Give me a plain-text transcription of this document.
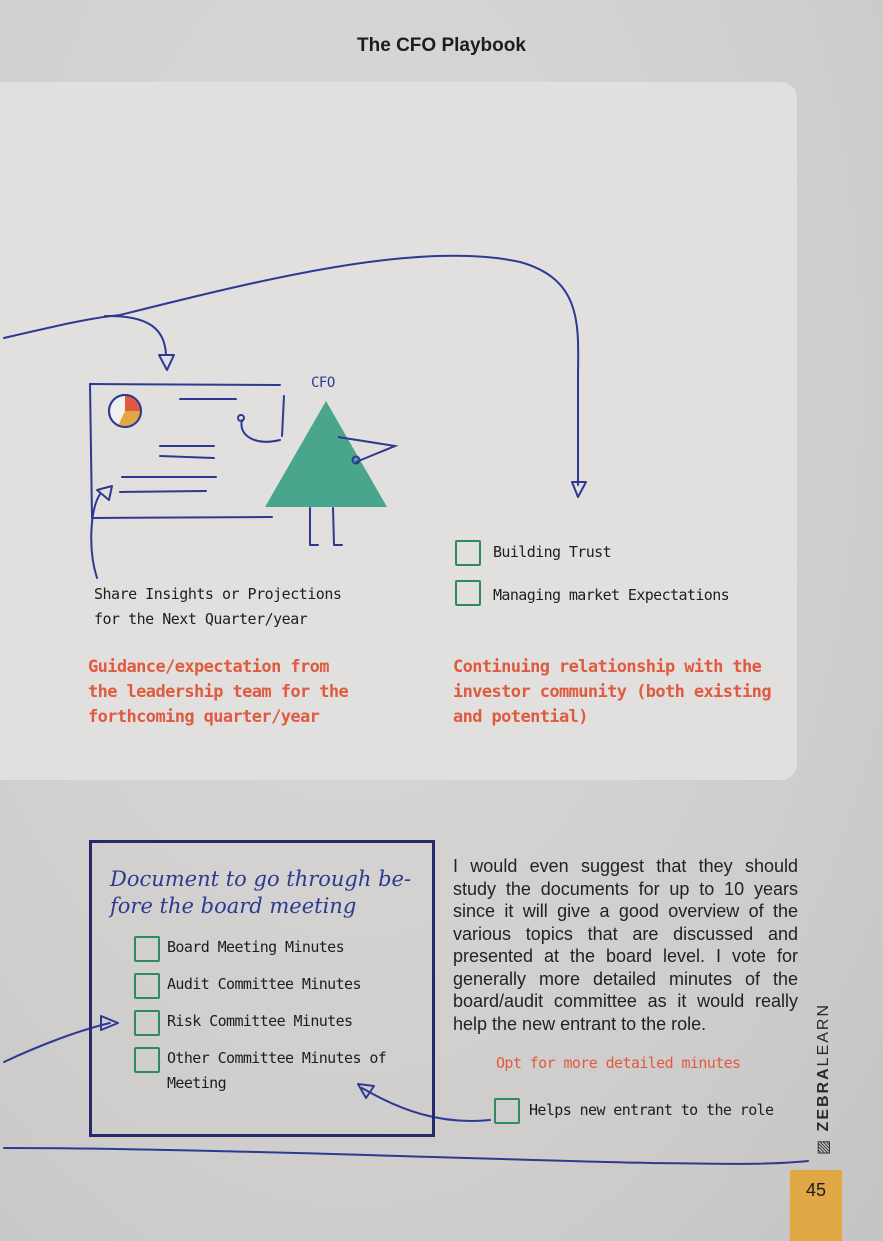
The CFO Playbook
CFO
Share Insights or Projections
for the Next Quarter/year
Guidance/expectation from
the leadership team for the
forthcoming quarter/year
Building Trust
Managing market Expectations
Continuing relationship with the
investor community (both existing
and potential)
Document to go through be-fore the board meeting
Board Meeting Minutes
Audit Committee Minutes
Risk Committee Minutes
Other Committee Minutes of
Meeting
I would even suggest that they should study the documents for up to 10 years since it will give a good overview of the various topics that are discussed and presented at the board level. I vote for generally more detailed minutes of the board/audit committee as it would really help the new entrant to the role.
Opt for more detailed minutes
Helps new entrant to the role
▨ ZEBRALEARN
45
